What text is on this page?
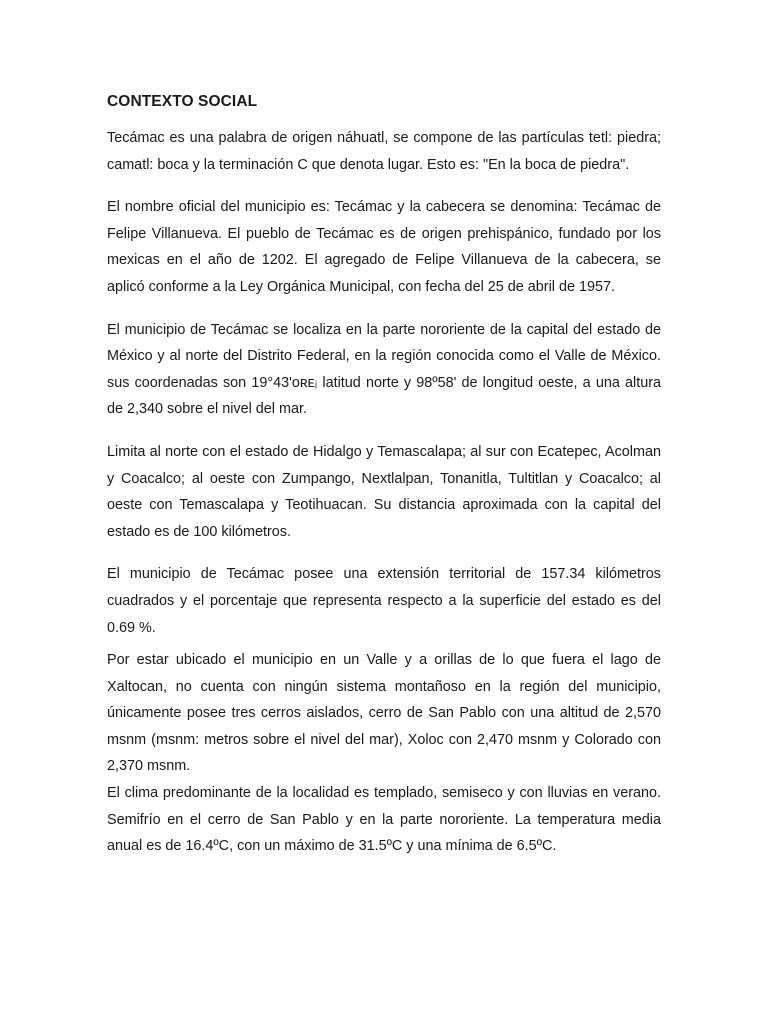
CONTEXTO SOCIAL

Tecámac es una palabra de origen náhuatl, se compone de las partículas tetl: piedra; camatl: boca y la terminación C que denota lugar. Esto es: "En la boca de piedra".

El nombre oficial del municipio es: Tecámac y la cabecera se denomina: Tecámac de Felipe Villanueva. El pueblo de Tecámac es de origen prehispánico, fundado por los mexicas en el año de 1202. El agregado de Felipe Villanueva de la cabecera, se aplicó conforme a la Ley Orgánica Municipal, con fecha del 25 de abril de 1957.

El municipio de Tecámac se localiza en la parte nororiente de la capital del estado de México y al norte del Distrito Federal, en la región conocida como el Valle de México. sus coordenadas son 19°43'ᴏʀᴇⱼ latitud norte y 98º58' de longitud oeste, a una altura de 2,340 sobre el nivel del mar.

Limita al norte con el estado de Hidalgo y Temascalapa; al sur con Ecatepec, Acolman y Coacalco; al oeste con Zumpango, Nextlalpan, Tonanitla, Tultitlan y Coacalco; al oeste con Temascalapa y Teotihuacan. Su distancia aproximada con la capital del estado es de 100 kilómetros.

El municipio de Tecámac posee una extensión territorial de 157.34 kilómetros cuadrados y el porcentaje que representa respecto a la superficie del estado es del 0.69 %.

Por estar ubicado el municipio en un Valle y a orillas de lo que fuera el lago de Xaltocan, no cuenta con ningún sistema montañoso en la región del municipio, únicamente posee tres cerros aislados, cerro de San Pablo con una altitud de 2,570 msnm (msnm: metros sobre el nivel del mar), Xoloc con 2,470 msnm y Colorado con 2,370 msnm.

El clima predominante de la localidad es templado, semiseco y con lluvias en verano. Semifrío en el cerro de San Pablo y en la parte nororiente. La temperatura media anual es de 16.4ºC, con un máximo de 31.5ºC y una mínima de 6.5ºC.
